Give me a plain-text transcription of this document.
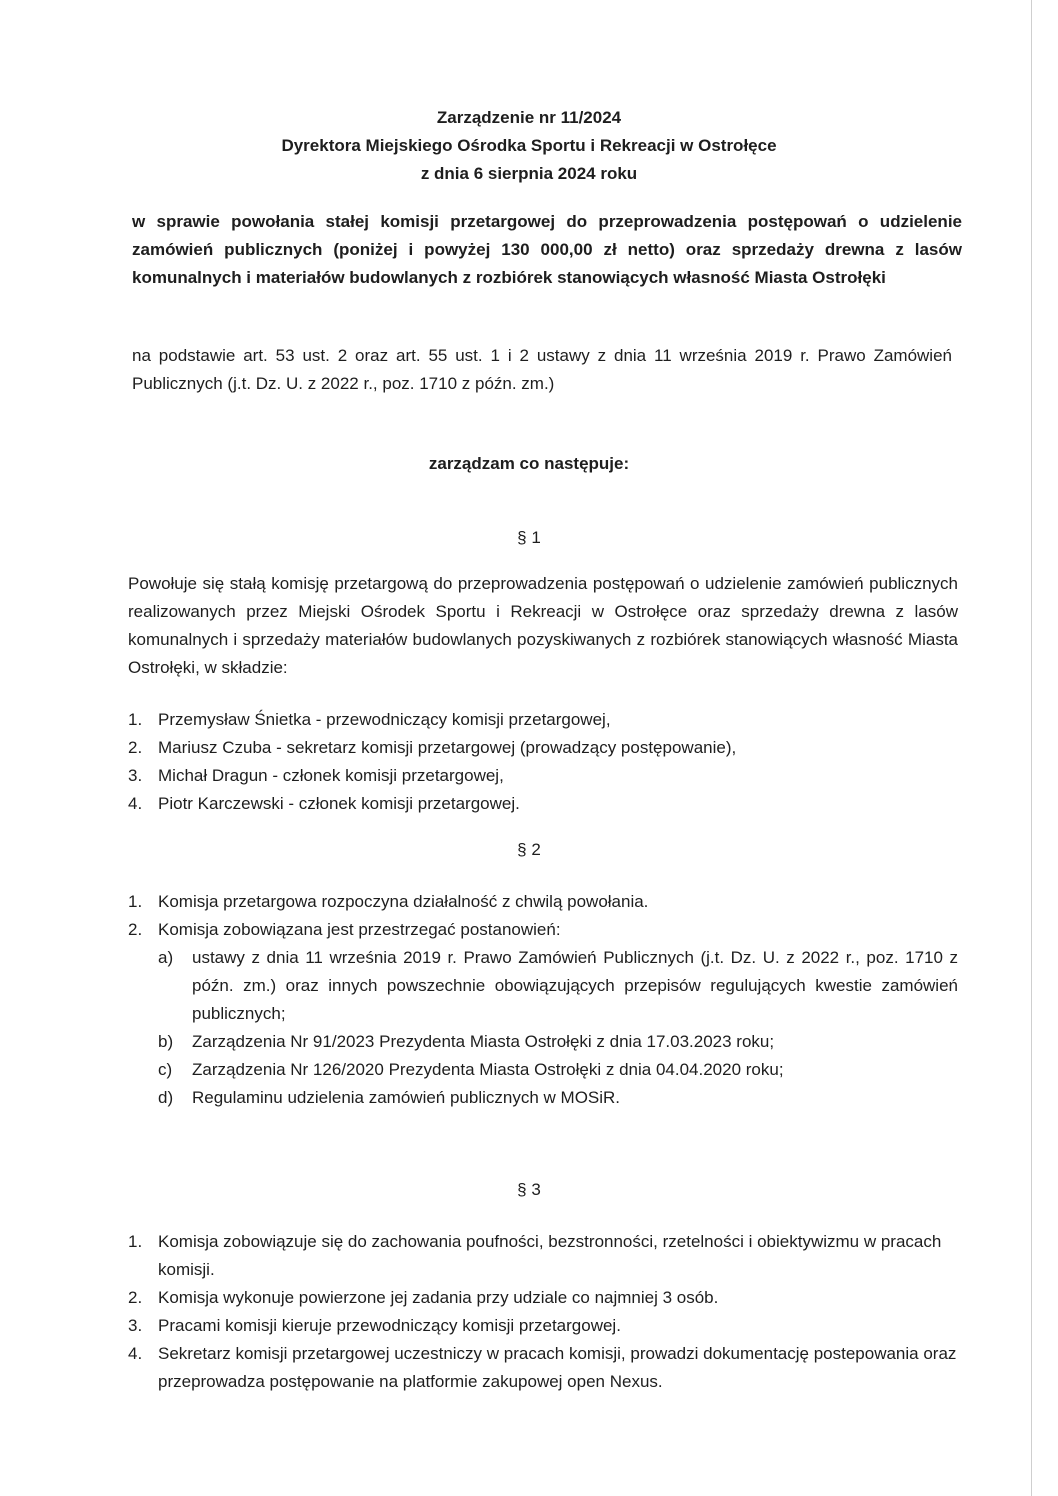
Zarządzenie nr 11/2024
Dyrektora Miejskiego Ośrodka Sportu i Rekreacji w Ostrołęce
z dnia 6 sierpnia 2024 roku
w sprawie powołania stałej komisji przetargowej do przeprowadzenia postępowań o udzielenie zamówień publicznych (poniżej i powyżej 130 000,00 zł netto) oraz sprzedaży drewna z lasów komunalnych i materiałów budowlanych z rozbiórek stanowiących własność Miasta Ostrołęki
na podstawie art. 53 ust. 2 oraz art. 55 ust. 1 i 2 ustawy z dnia 11 września 2019 r. Prawo Zamówień Publicznych (j.t. Dz. U. z 2022 r., poz. 1710 z późn. zm.)
zarządzam co następuje:
§ 1
Powołuje się stałą komisję przetargową do przeprowadzenia postępowań o udzielenie zamówień publicznych realizowanych przez Miejski Ośrodek Sportu i Rekreacji w Ostrołęce oraz sprzedaży drewna z lasów komunalnych i sprzedaży materiałów budowlanych pozyskiwanych z rozbiórek stanowiących własność Miasta Ostrołęki, w składzie:
1. Przemysław Śnietka - przewodniczący komisji przetargowej,
2. Mariusz Czuba - sekretarz komisji przetargowej (prowadzący postępowanie),
3. Michał Dragun - członek komisji przetargowej,
4. Piotr Karczewski - członek komisji przetargowej.
§ 2
1. Komisja przetargowa rozpoczyna działalność z chwilą powołania.
2. Komisja zobowiązana jest przestrzegać postanowień:
a) ustawy z dnia 11 września 2019 r. Prawo Zamówień Publicznych (j.t. Dz. U. z 2022 r., poz. 1710 z późn. zm.) oraz innych powszechnie obowiązujących przepisów regulujących kwestie zamówień publicznych;
b) Zarządzenia Nr 91/2023 Prezydenta Miasta Ostrołęki z dnia 17.03.2023 roku;
c) Zarządzenia Nr 126/2020 Prezydenta Miasta Ostrołęki z dnia 04.04.2020 roku;
d) Regulaminu udzielenia zamówień publicznych w MOSiR.
§ 3
1. Komisja zobowiązuje się do zachowania poufności, bezstronności, rzetelności i obiektywizmu w pracach komisji.
2. Komisja wykonuje powierzone jej zadania przy udziale co najmniej 3 osób.
3. Pracami komisji kieruje przewodniczący komisji przetargowej.
4. Sekretarz komisji przetargowej uczestniczy w pracach komisji, prowadzi dokumentację postepowania oraz przeprowadza postępowanie na platformie zakupowej open Nexus.
